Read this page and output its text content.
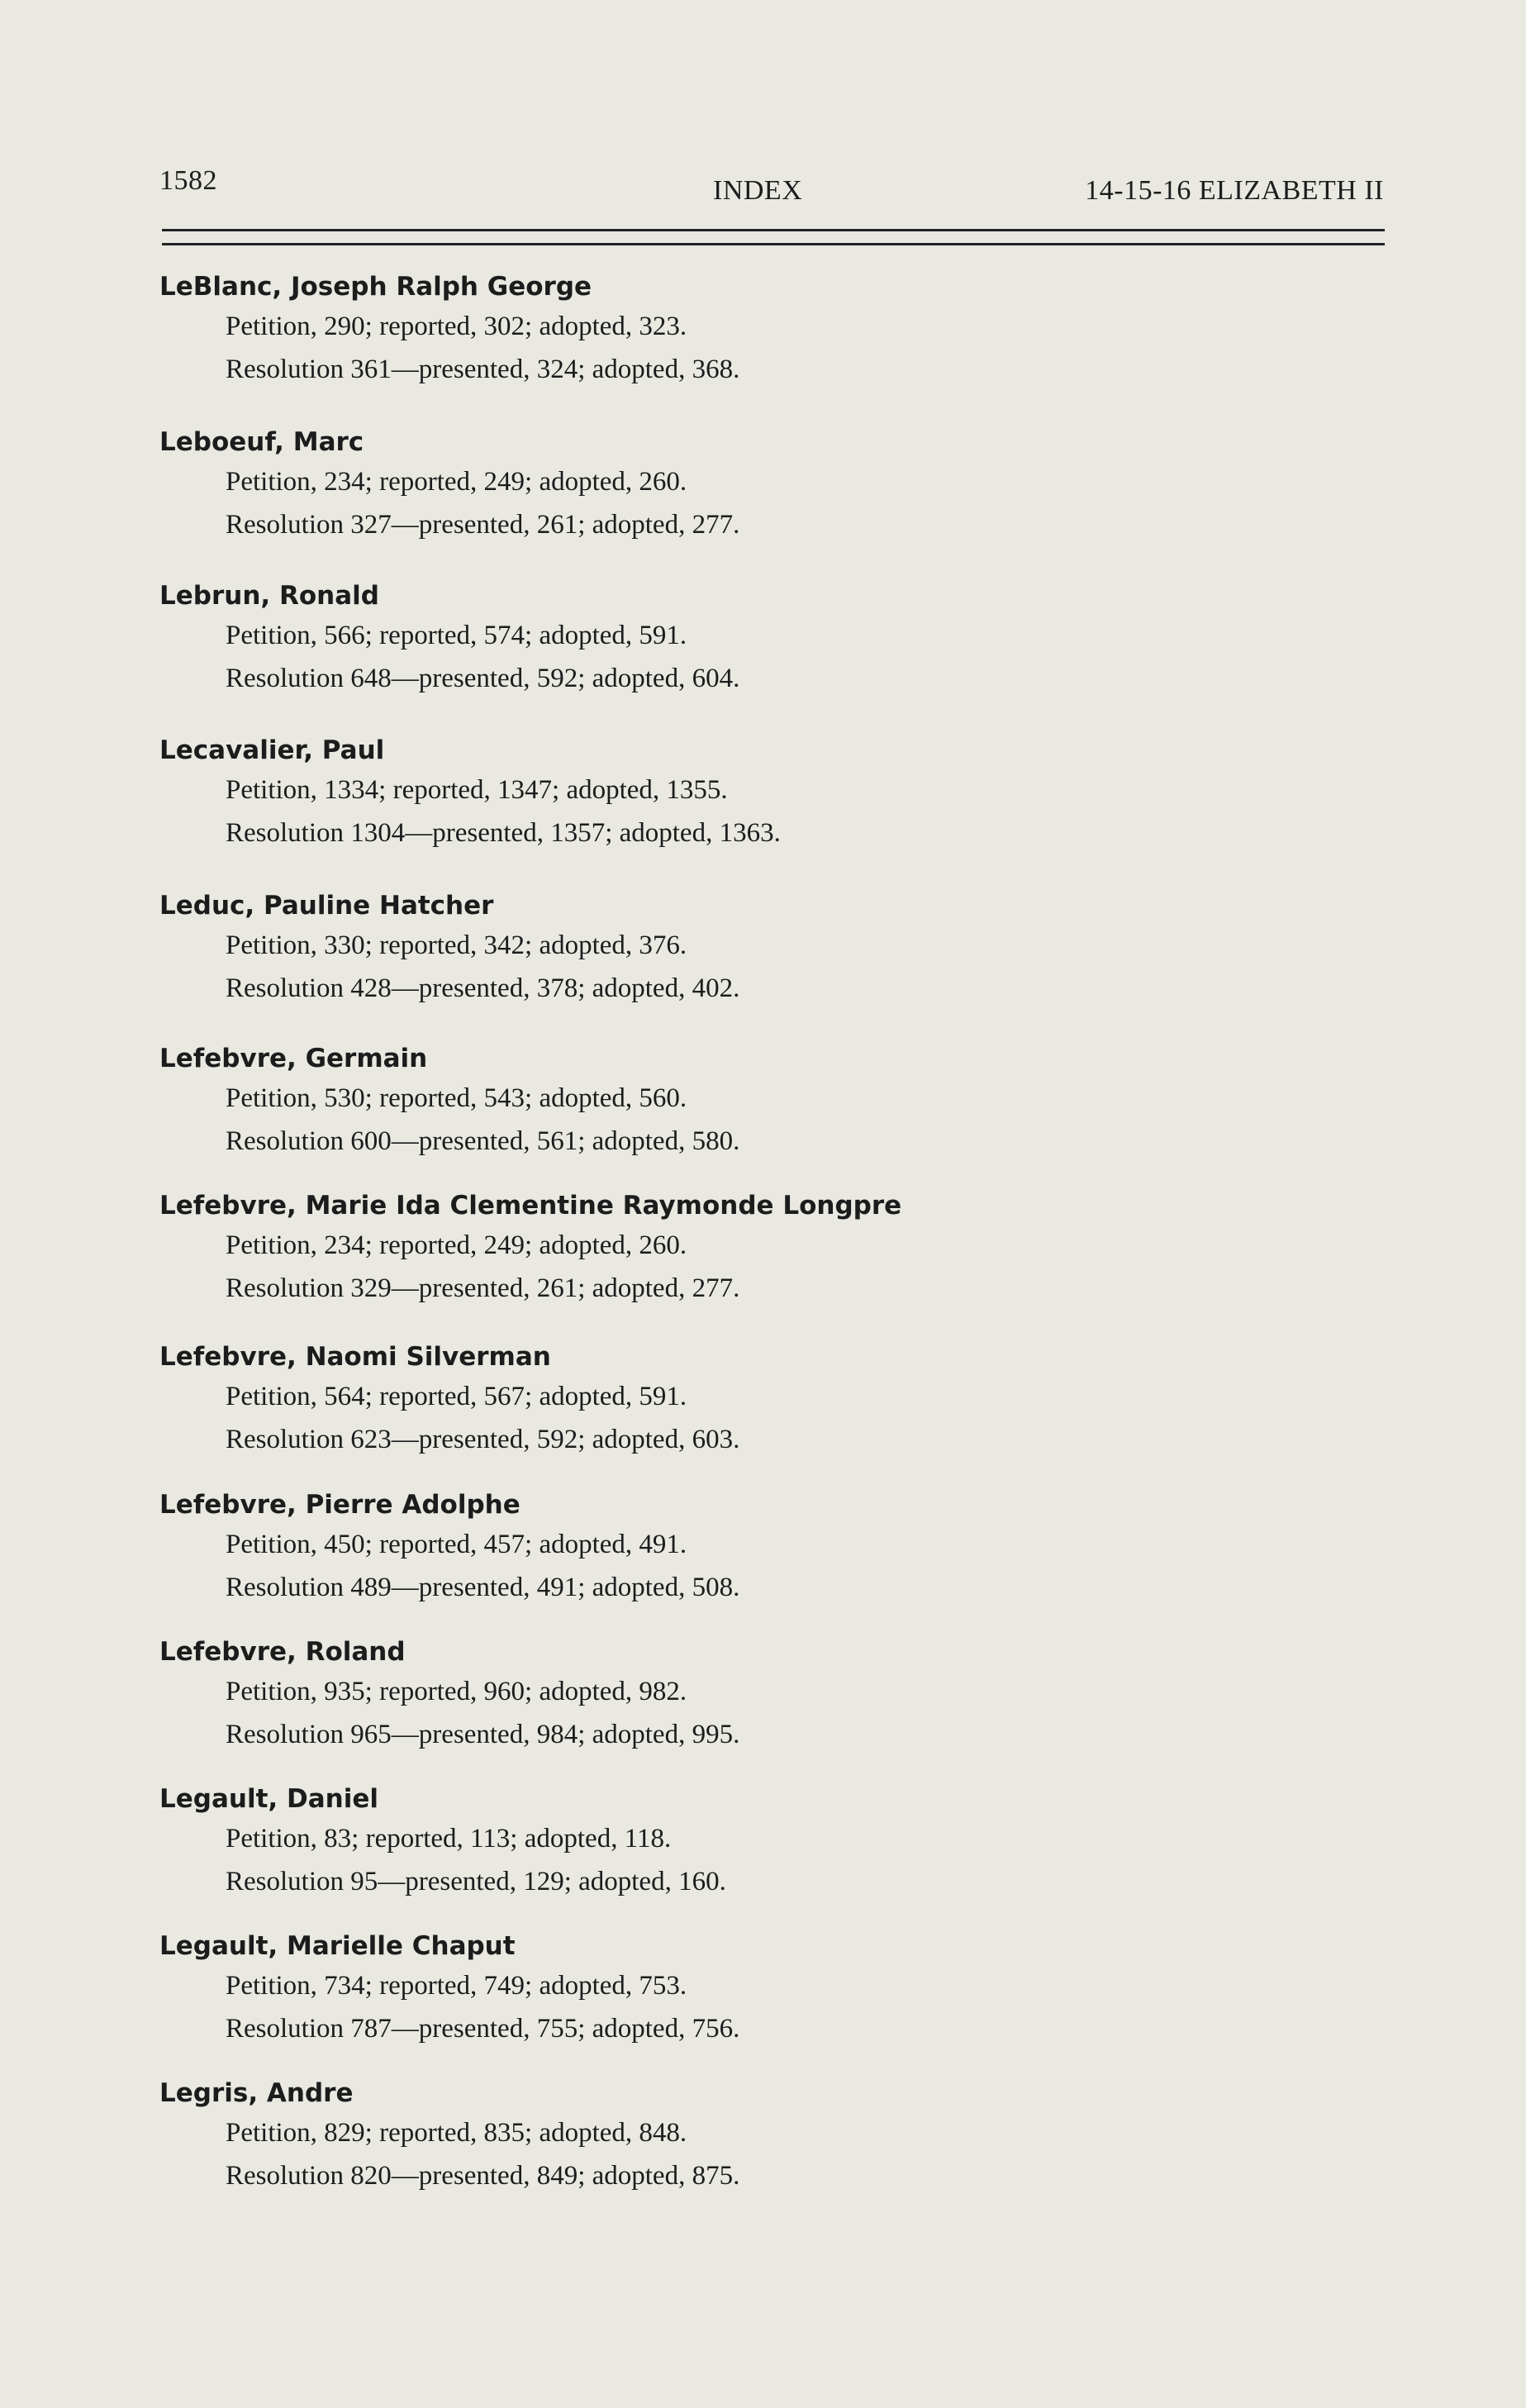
1582	INDEX	14-15-16 ELIZABETH II
LeBlanc, Joseph Ralph George
Petition, 290; reported, 302; adopted, 323.
Resolution 361—presented, 324; adopted, 368.
Leboeuf, Marc
Petition, 234; reported, 249; adopted, 260.
Resolution 327—presented, 261; adopted, 277.
Lebrun, Ronald
Petition, 566; reported, 574; adopted, 591.
Resolution 648—presented, 592; adopted, 604.
Lecavalier, Paul
Petition, 1334; reported, 1347; adopted, 1355.
Resolution 1304—presented, 1357; adopted, 1363.
Leduc, Pauline Hatcher
Petition, 330; reported, 342; adopted, 376.
Resolution 428—presented, 378; adopted, 402.
Lefebvre, Germain
Petition, 530; reported, 543; adopted, 560.
Resolution 600—presented, 561; adopted, 580.
Lefebvre, Marie Ida Clementine Raymonde Longpre
Petition, 234; reported, 249; adopted, 260.
Resolution 329—presented, 261; adopted, 277.
Lefebvre, Naomi Silverman
Petition, 564; reported, 567; adopted, 591.
Resolution 623—presented, 592; adopted, 603.
Lefebvre, Pierre Adolphe
Petition, 450; reported, 457; adopted, 491.
Resolution 489—presented, 491; adopted, 508.
Lefebvre, Roland
Petition, 935; reported, 960; adopted, 982.
Resolution 965—presented, 984; adopted, 995.
Legault, Daniel
Petition, 83; reported, 113; adopted, 118.
Resolution 95—presented, 129; adopted, 160.
Legault, Marielle Chaput
Petition, 734; reported, 749; adopted, 753.
Resolution 787—presented, 755; adopted, 756.
Legris, Andre
Petition, 829; reported, 835; adopted, 848.
Resolution 820—presented, 849; adopted, 875.
